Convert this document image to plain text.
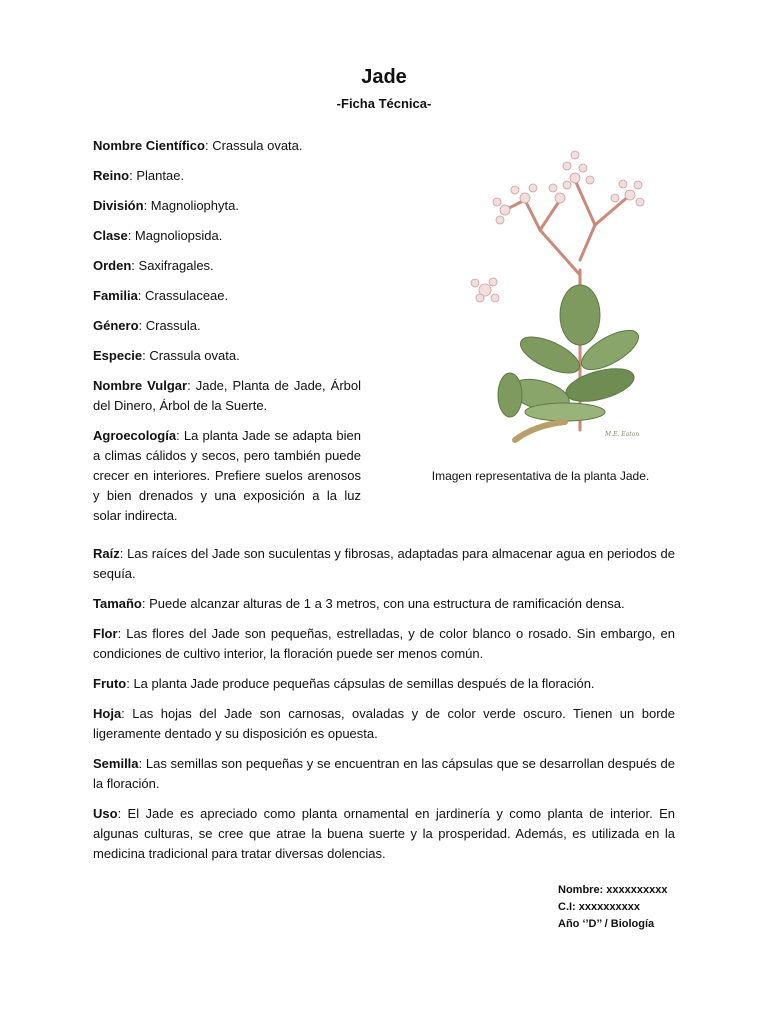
Jade
-Ficha Técnica-

Nombre Científico: Crassula ovata.

Reino: Plantae.

División: Magnoliophyta.

Clase: Magnoliopsida.

Orden: Saxifragales.

Familia: Crassulaceae.

Género: Crassula.

Especie: Crassula ovata.

Nombre Vulgar: Jade, Planta de Jade, Árbol del Dinero, Árbol de la Suerte.

Agroecología: La planta Jade se adapta bien a climas cálidos y secos, pero también puede crecer en interiores. Prefiere suelos arenosos y bien drenados y una exposición a la luz solar indirecta.

M.E. Eaton
Imagen representativa de la planta Jade.

Raíz: Las raíces del Jade son suculentas y fibrosas, adaptadas para almacenar agua en periodos de sequía.

Tamaño: Puede alcanzar alturas de 1 a 3 metros, con una estructura de ramificación densa.

Flor: Las flores del Jade son pequeñas, estrelladas, y de color blanco o rosado. Sin embargo, en condiciones de cultivo interior, la floración puede ser menos común.

Fruto: La planta Jade produce pequeñas cápsulas de semillas después de la floración.

Hoja: Las hojas del Jade son carnosas, ovaladas y de color verde oscuro. Tienen un borde ligeramente dentado y su disposición es opuesta.

Semilla: Las semillas son pequeñas y se encuentran en las cápsulas que se desarrollan después de la floración.

Uso: El Jade es apreciado como planta ornamental en jardinería y como planta de interior. En algunas culturas, se cree que atrae la buena suerte y la prosperidad. Además, es utilizada en la medicina tradicional para tratar diversas dolencias.

Nombre: xxxxxxxxxx
C.I: xxxxxxxxxx
Año ‘’D’’ / Biología
